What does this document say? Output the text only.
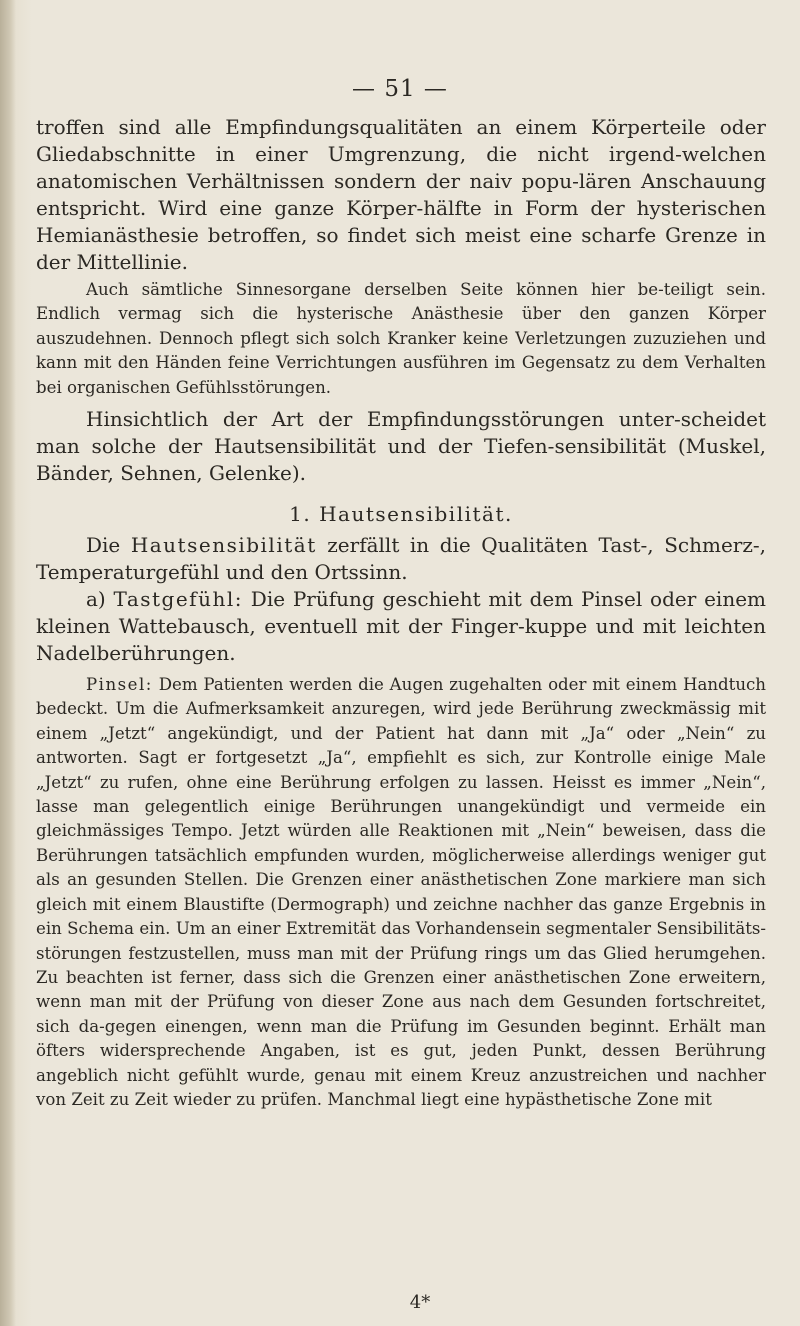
— 51 —

troffen sind alle Empfindungsqualitäten an einem Körperteile oder Gliedabschnitte in einer Umgrenzung, die nicht irgend-welchen anatomischen Verhältnissen sondern der naiv popu-lären Anschauung entspricht. Wird eine ganze Körper-hälfte in Form der hysterischen Hemianästhesie betroffen, so findet sich meist eine scharfe Grenze in der Mittellinie.

Auch sämtliche Sinnesorgane derselben Seite können hier be-teiligt sein. Endlich vermag sich die hysterische Anästhesie über den ganzen Körper auszudehnen. Dennoch pflegt sich solch Kranker keine Verletzungen zuzuziehen und kann mit den Händen feine Verrichtungen ausführen im Gegensatz zu dem Verhalten bei organischen Gefühlsstörungen.

Hinsichtlich der Art der Empfindungsstörungen unter-scheidet man solche der Hautsensibilität und der Tiefen-sensibilität (Muskel, Bänder, Sehnen, Gelenke).

1. Hautsensibilität.

Die Hautsensibilität zerfällt in die Qualitäten Tast-, Schmerz-, Temperaturgefühl und den Ortssinn.

a) Tastgefühl: Die Prüfung geschieht mit dem Pinsel oder einem kleinen Wattebausch, eventuell mit der Finger-kuppe und mit leichten Nadelberührungen.

Pinsel: Dem Patienten werden die Augen zugehalten oder mit einem Handtuch bedeckt. Um die Aufmerksamkeit anzuregen, wird jede Berührung zweckmässig mit einem „Jetzt“ angekündigt, und der Patient hat dann mit „Ja“ oder „Nein“ zu antworten. Sagt er fortgesetzt „Ja“, empfiehlt es sich, zur Kontrolle einige Male „Jetzt“ zu rufen, ohne eine Berührung erfolgen zu lassen. Heisst es immer „Nein“, lasse man gelegentlich einige Berührungen unangekündigt und vermeide ein gleichmässiges Tempo. Jetzt würden alle Reaktionen mit „Nein“ beweisen, dass die Berührungen tatsächlich empfunden wurden, möglicherweise allerdings weniger gut als an gesunden Stellen. Die Grenzen einer anästhetischen Zone markiere man sich gleich mit einem Blaustifte (Dermograph) und zeichne nachher das ganze Ergebnis in ein Schema ein. Um an einer Extremität das Vorhandensein segmentaler Sensibilitäts-störungen festzustellen, muss man mit der Prüfung rings um das Glied herumgehen. Zu beachten ist ferner, dass sich die Grenzen einer anästhetischen Zone erweitern, wenn man mit der Prüfung von dieser Zone aus nach dem Gesunden fortschreitet, sich da-gegen einengen, wenn man die Prüfung im Gesunden beginnt. Erhält man öfters widersprechende Angaben, ist es gut, jeden Punkt, dessen Berührung angeblich nicht gefühlt wurde, genau mit einem Kreuz anzustreichen und nachher von Zeit zu Zeit wieder zu prüfen. Manchmal liegt eine hypästhetische Zone mit

4*
